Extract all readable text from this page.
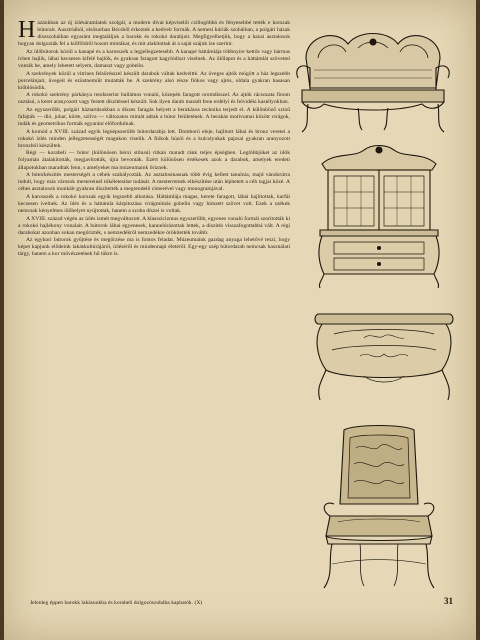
Hazánkban az új ízlésáramlatok szolgái, a modern divat képviselői csillogóbbá és fényesebbé tették e korszak bútorait. Ausztriából, elsősorban Bécsből érkeztek a kedvelt formák. A nemesi kúriák szobáiban, a polgári házak díszszobáiban egyaránt megtaláljuk a barokk és rokokó darabjait. Megfigyelhetjük, hogy a hazai asztalosok hogyan dolgozták fel a külföldről hozott mintákat, és mit alakítottak át a saját szájuk íze szerint.

Az ülőbútorok közül a kanapé és a karosszék a legjellegzetesebb. A kanapé háttámlája többnyire kettős vagy hármas ívben hajlik, lábai kecsesen kifelé hajlók, és gyakran faragott kagylódíszt viselnek. Az ülőlapot és a háttámlát szövettel vonták be, amely lehetett selyem, damaszt vagy gobelin.

A szekrények közül a vitrines felsőrésszel készült darabok váltak kedveltté. Az üveges ajtók mögött a ház legszebb porcelánjait, üvegeit és ezüstneműit mutatták be. A szekrény alsó része fiókos vagy ajtós, oldala gyakran hasasan kiöblösödik.

A rokokó szekrény párkánya rendszerint hullámos vonalú, közepén faragott oromdísszel. Az ajtók rácsozata finom osztású, a keret aranyozott vagy festett díszítéssel készült. Sok ilyen darab maradt fenn erdélyi és felvidéki kastélyokban.

Az egyszerűbb, polgári háztartásokban a díszes faragás helyett a berakásos technika terjedt el. A különböző színű fafajták — dió, juhar, körte, szilva — változatos mintát adtak a bútor felületének. A berakás motívumai között virágok, indák és geometrikus formák egyaránt előfordulnak.

A komód a XVIII. század egyik legnépszerűbb bútordarabja lett. Domború eleje, hajlított lábai és bronz veretei a rokokó ízlés minden jellegzetességét magukon viselik. A fiókok húzói és a kulcslyukak pajzsai gyakran aranyozott bronzból készültek.

Régi — korabeli — bútor (különösen bécsi stílusú) ritkán maradt ránk teljes épségben. Legtöbbjüket az idők folyamán átalakították, megjavították, újra bevonták. Ezért különösen értékesek azok a darabok, amelyek eredeti állapotukban maradtak fenn, s amelyeket ma múzeumaink őriznek.

A bútorkészítés mesterségét a céhek szabályozták. Az asztalosinasnak több évig kellett tanulnia, majd vándorútra indult, hogy más városok mestereinél tökéletesítse tudását. A mesterremek elkészítése után léphetett a céh tagjai közé. A céhes asztalosok munkáit gyakran díszítették a megrendelő címerével vagy monogramjával.

A karosszék a rokokó korszak egyik legszebb alkotása. Háttámlája magas, kerete faragott, lábai hajlítottak, karfái kecsesen ívelnek. Az ülés és a háttámla kárpitozása virágmintás gobelin vagy hímzett szövet volt. Ezek a székek nemcsak kényelmes ülőhelyet nyújtottak, hanem a szoba díszei is voltak.

A XVIII. század végén az ízlés ismét megváltozott. A klasszicizmus egyszerűbb, egyenes vonalú formái szorították ki a rokokó hajlékony vonalait. A bútorok lábai egyenesek, kannelúrázottak lettek, a díszítés visszafogottabbá vált. A régi darabokat azonban sokan megőrizték, s nemzedékről nemzedékre örökítették tovább.

Az egykori bútorok gyűjtése és megőrzése ma is fontos feladat. Múzeumaink gazdag anyaga lehetővé teszi, hogy képet kapjunk elődeink lakáskultúrájáról, ízléséről és mindennapi életéről. Egy-egy szép bútordarab nemcsak használati tárgy, hanem a kor művészetének hű tükre is.

Jelenleg éppen barokk lakásunkba és korabeli dolgozószobába kaphatók. (X)	31
